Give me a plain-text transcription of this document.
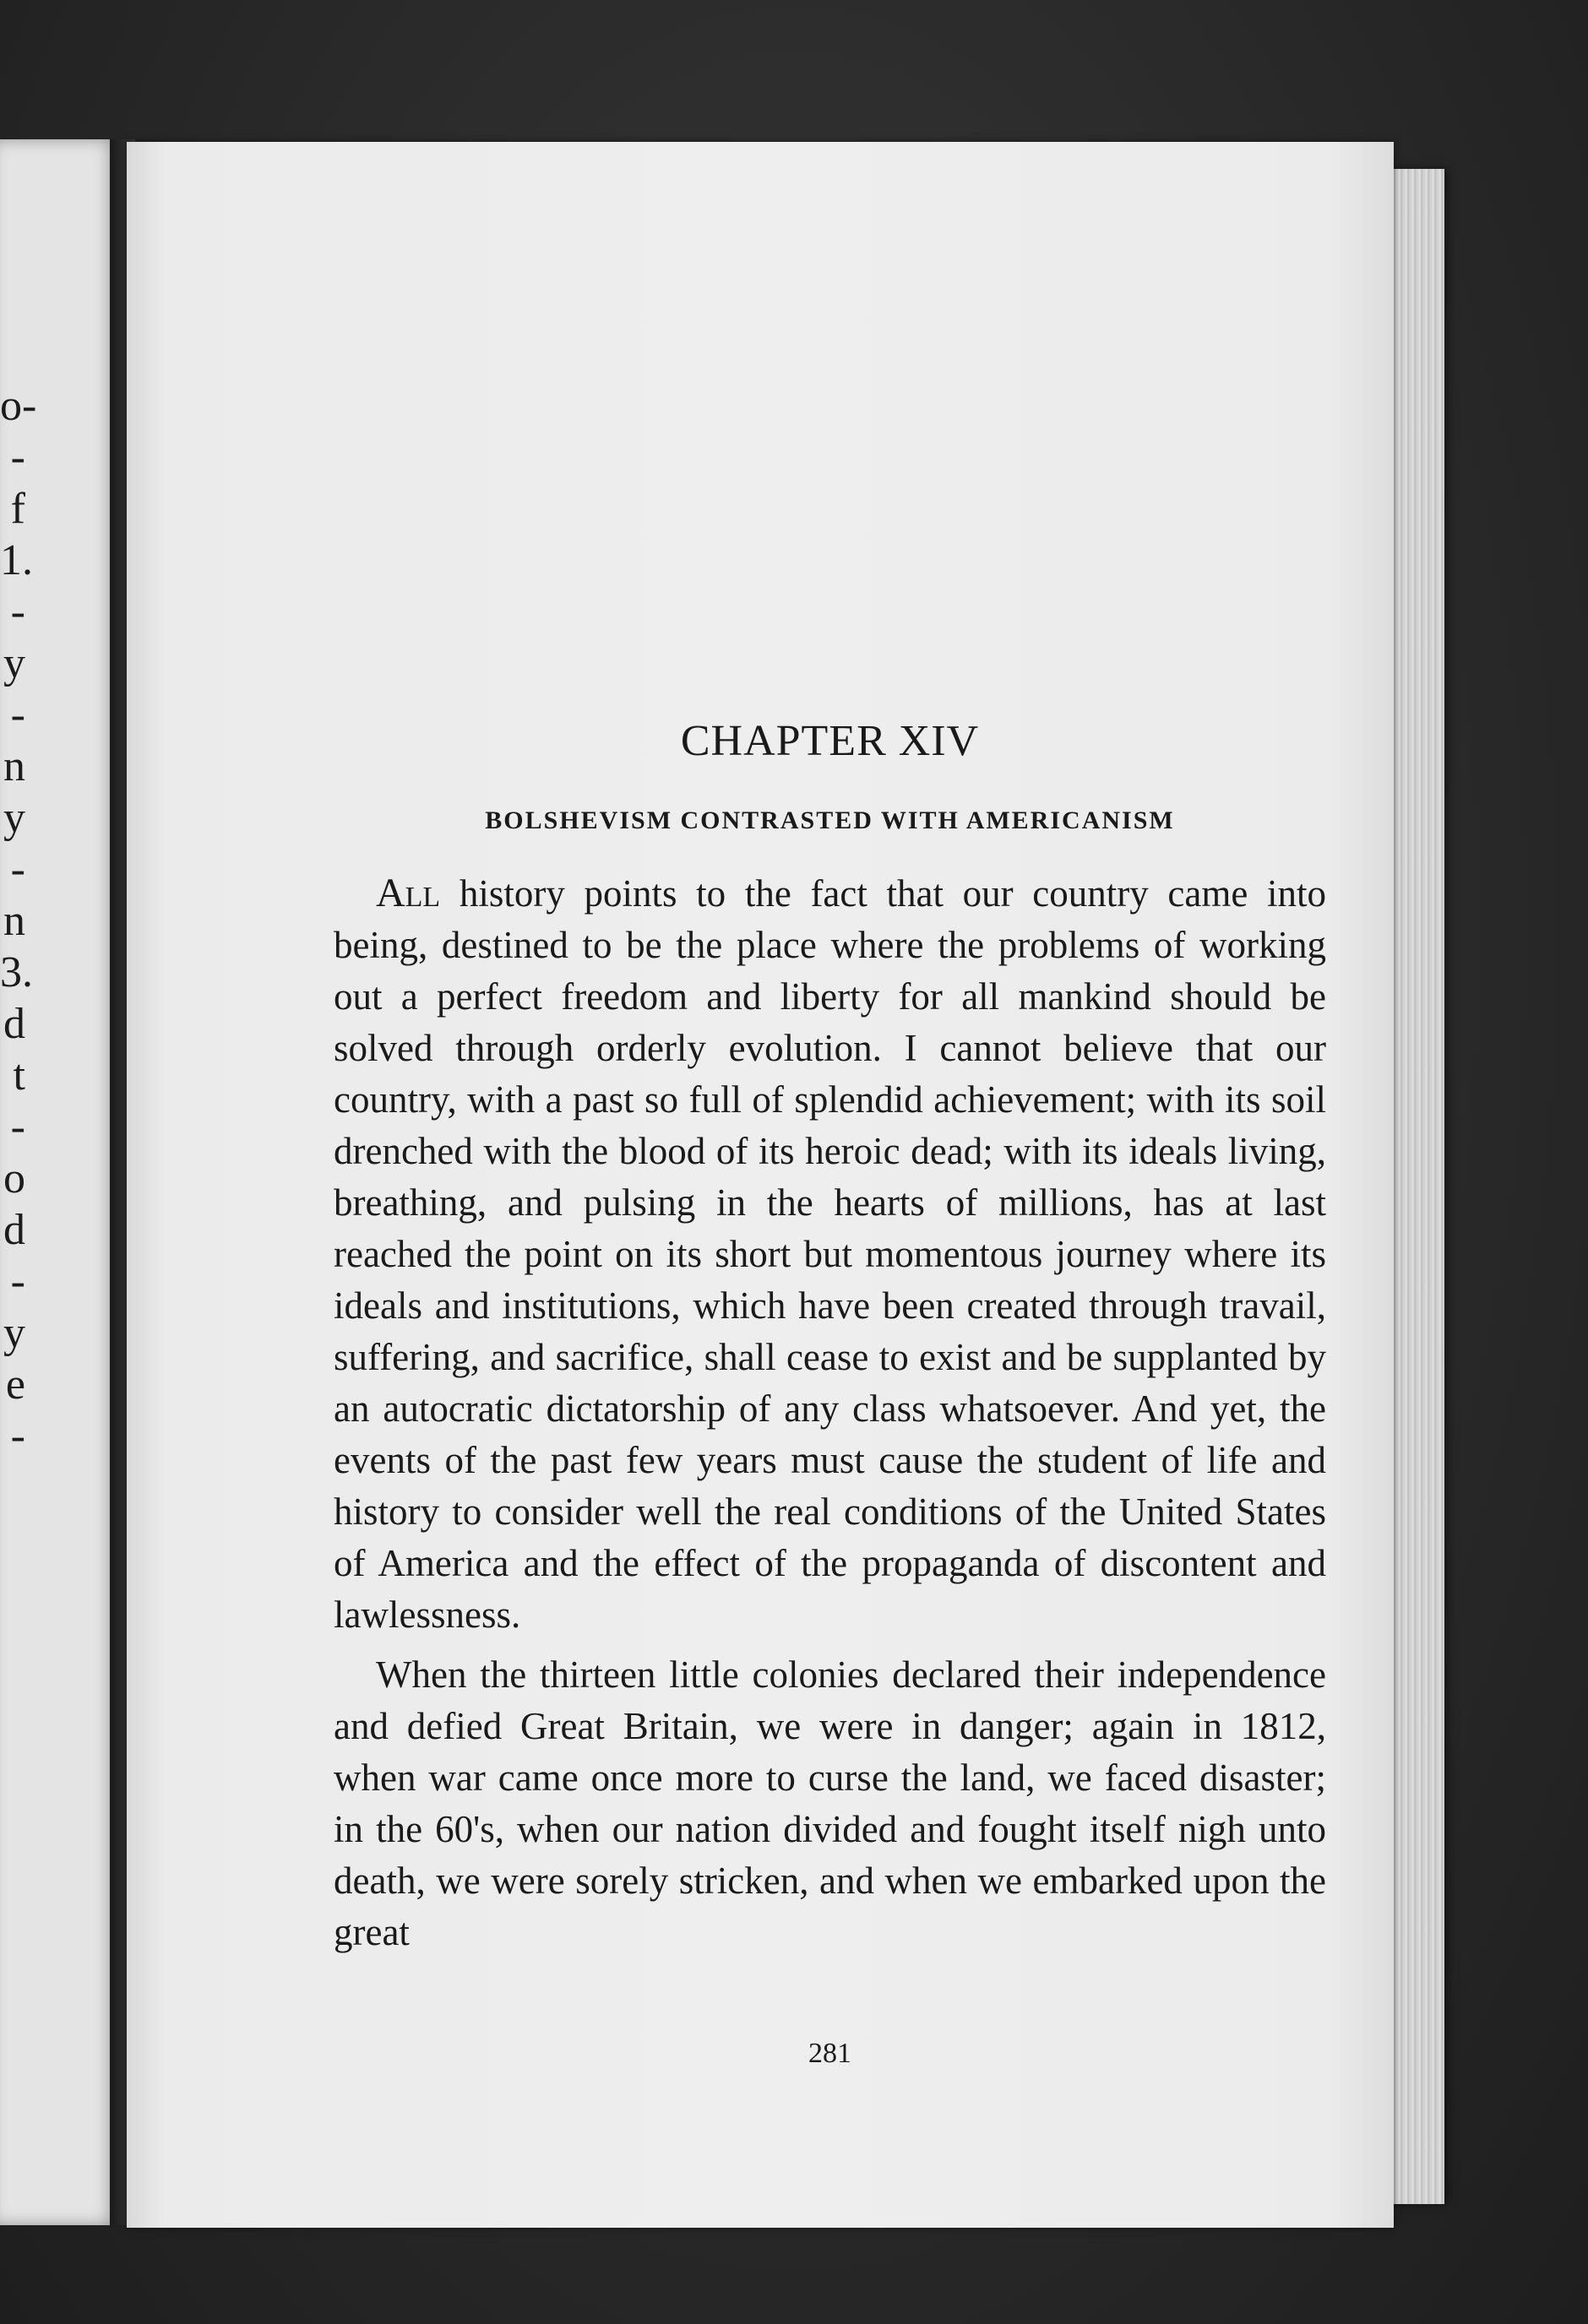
o-
-
f
1.
-
y
-
n
y
-
n
3.
d
t
-
o
d
-
y
e
-
CHAPTER XIV
BOLSHEVISM CONTRASTED WITH AMERICANISM

All history points to the fact that our country came into being, destined to be the place where the problems of working out a perfect freedom and liberty for all mankind should be solved through orderly evolution. I cannot believe that our country, with a past so full of splendid achievement; with its soil drenched with the blood of its heroic dead; with its ideals living, breathing, and pulsing in the hearts of millions, has at last reached the point on its short but momentous journey where its ideals and institutions, which have been created through travail, suffering, and sacrifice, shall cease to exist and be supplanted by an autocratic dictatorship of any class whatsoever. And yet, the events of the past few years must cause the student of life and history to consider well the real conditions of the United States of America and the effect of the propaganda of discontent and lawlessness.

When the thirteen little colonies declared their independence and defied Great Britain, we were in danger; again in 1812, when war came once more to curse the land, we faced disaster; in the 60's, when our nation divided and fought itself nigh unto death, we were sorely stricken, and when we embarked upon the great

281
